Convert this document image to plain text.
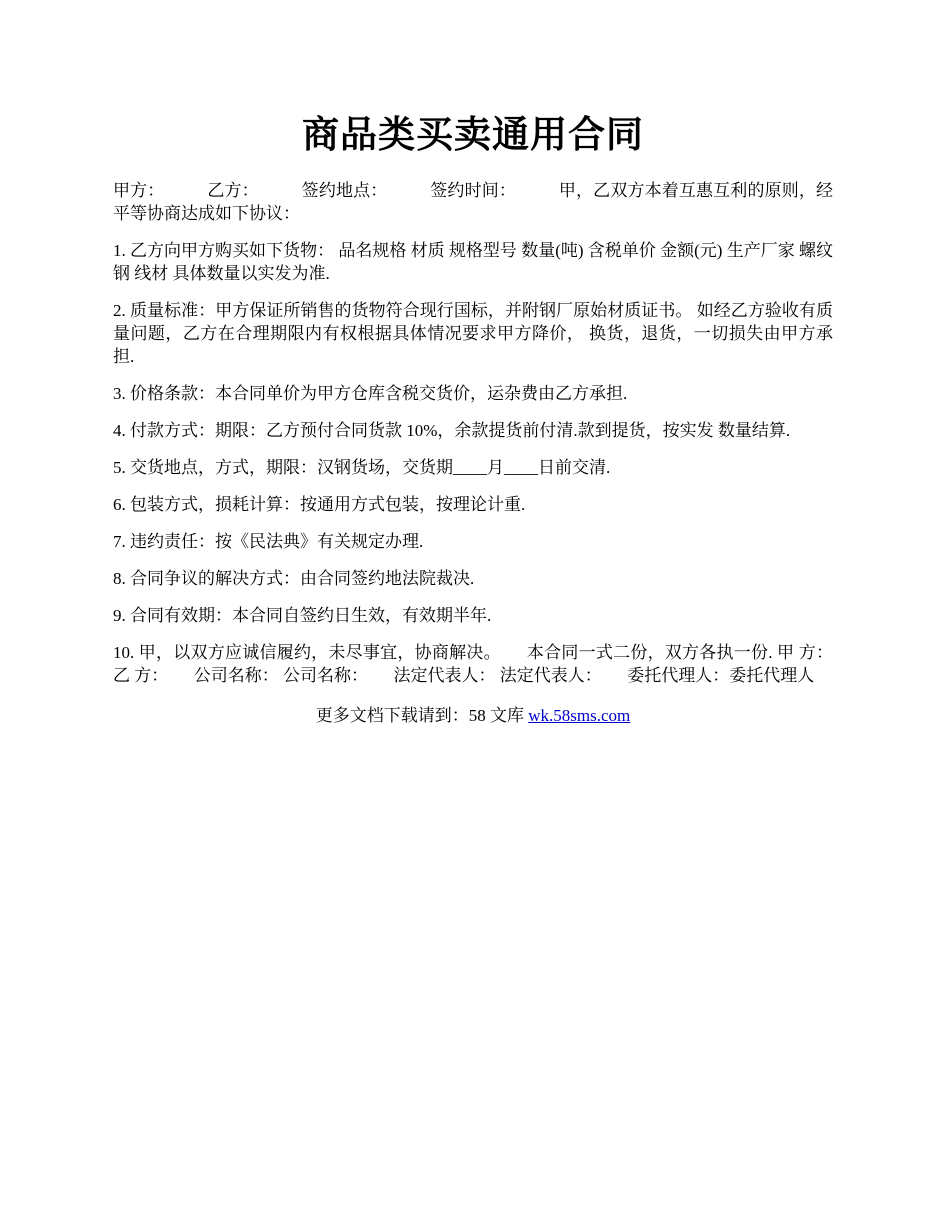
商品类买卖通用合同

甲方：　　　乙方：　　　签约地点：　　　签约时间：　　　甲，乙双方本着互惠互利的原则，经平等协商达成如下协议：

1. 乙方向甲方购买如下货物： 品名规格 材质 规格型号 数量(吨) 含税单价 金额(元) 生产厂家 螺纹钢 线材 具体数量以实发为准.

2. 质量标准：甲方保证所销售的货物符合现行国标，并附钢厂原始材质证书。 如经乙方验收有质量问题，乙方在合理期限内有权根据具体情况要求甲方降价， 换货，退货，一切损失由甲方承担.

3. 价格条款：本合同单价为甲方仓库含税交货价，运杂费由乙方承担.

4. 付款方式：期限：乙方预付合同货款 10%，余款提货前付清.款到提货，按实发 数量结算.

5. 交货地点，方式，期限：汉钢货场，交货期____月____日前交清.

6. 包装方式，损耗计算：按通用方式包装，按理论计重.

7. 违约责任：按《民法典》有关规定办理.

8. 合同争议的解决方式：由合同签约地法院裁决.

9. 合同有效期：本合同自签约日生效，有效期半年.

10. 甲，以双方应诚信履约，未尽事宜，协商解决。　　本合同一式二份，双方各执一份. 甲 方：乙 方：　　公司名称： 公司名称：　　法定代表人： 法定代表人：　　委托代理人：委托代理人

更多文档下载请到：58 文库 wk.58sms.com
